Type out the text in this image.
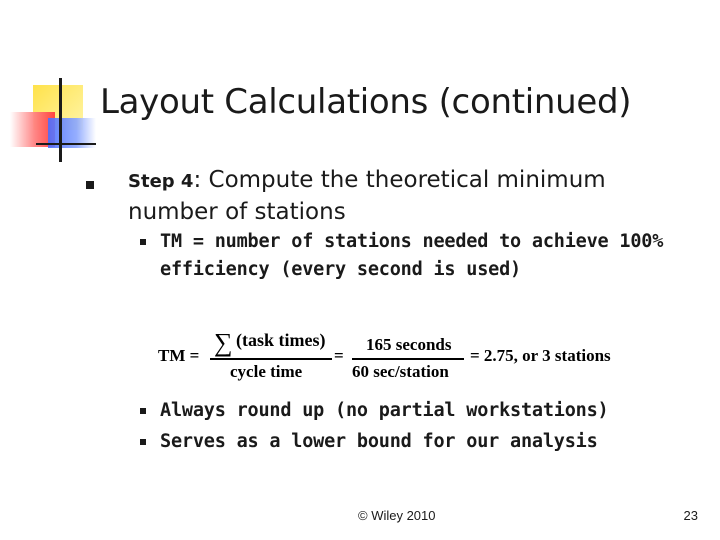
Layout Calculations (continued)
Step 4: Compute the theoretical minimum number of stations
TM = number of stations needed to achieve 100% efficiency (every second is used)
TM = ∑ (task times)
cycle time
=
165 seconds
60 sec/station
= 2.75, or 3 stations
Always round up (no partial workstations)
Serves as a lower bound for our analysis
© Wiley 2010	23
